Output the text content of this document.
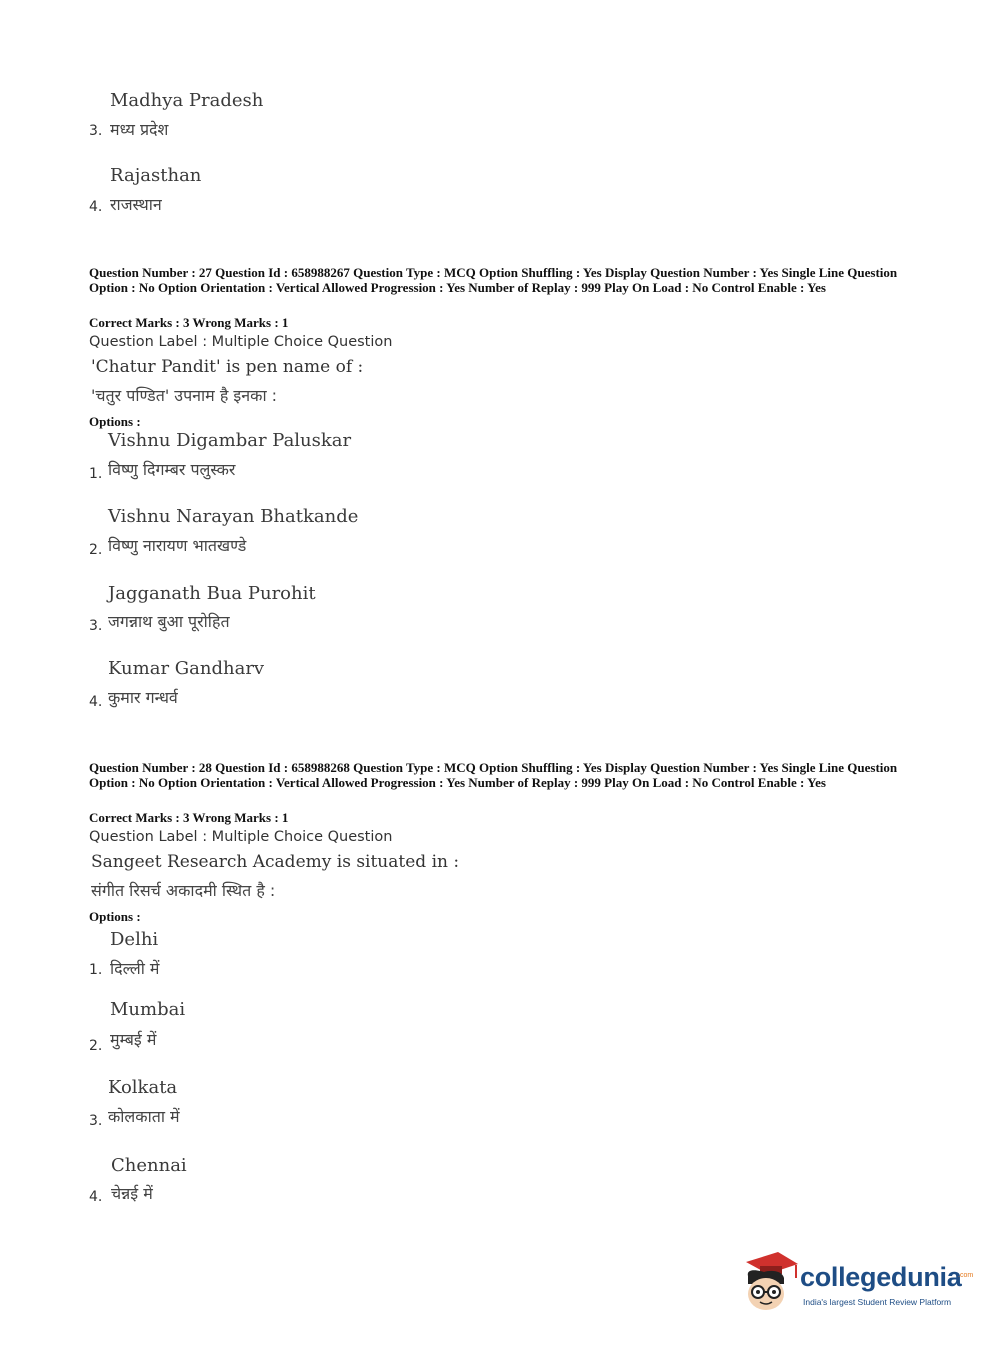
Madhya Pradesh
3. मध्य प्रदेश
Rajasthan
4. राजस्थान
Question Number : 27 Question Id : 658988267 Question Type : MCQ Option Shuffling : Yes Display Question Number : Yes Single Line Question Option : No Option Orientation : Vertical Allowed Progression : Yes Number of Replay : 999 Play On Load : No Control Enable : Yes
Correct Marks : 3 Wrong Marks : 1
Question Label : Multiple Choice Question
'Chatur Pandit' is pen name of :
'चतुर पण्डित' उपनाम है इनका :
Options :
Vishnu Digambar Paluskar
1. विष्णु दिगम्बर पलुस्कर
Vishnu Narayan Bhatkande
2. विष्णु नारायण भातखण्डे
Jagganath Bua Purohit
3. जगन्नाथ बुआ पूरोहित
Kumar Gandharv
4. कुमार गन्धर्व
Question Number : 28 Question Id : 658988268 Question Type : MCQ Option Shuffling : Yes Display Question Number : Yes Single Line Question Option : No Option Orientation : Vertical Allowed Progression : Yes Number of Replay : 999 Play On Load : No Control Enable : Yes
Correct Marks : 3 Wrong Marks : 1
Question Label : Multiple Choice Question
Sangeet Research Academy is situated in :
संगीत रिसर्च अकादमी स्थित है :
Options :
Delhi
1. दिल्ली में
Mumbai
2. मुम्बई में
Kolkata
3. कोलकाता में
Chennai
4. चेन्नई में
collegedunia
.com
India's largest Student Review Platform
